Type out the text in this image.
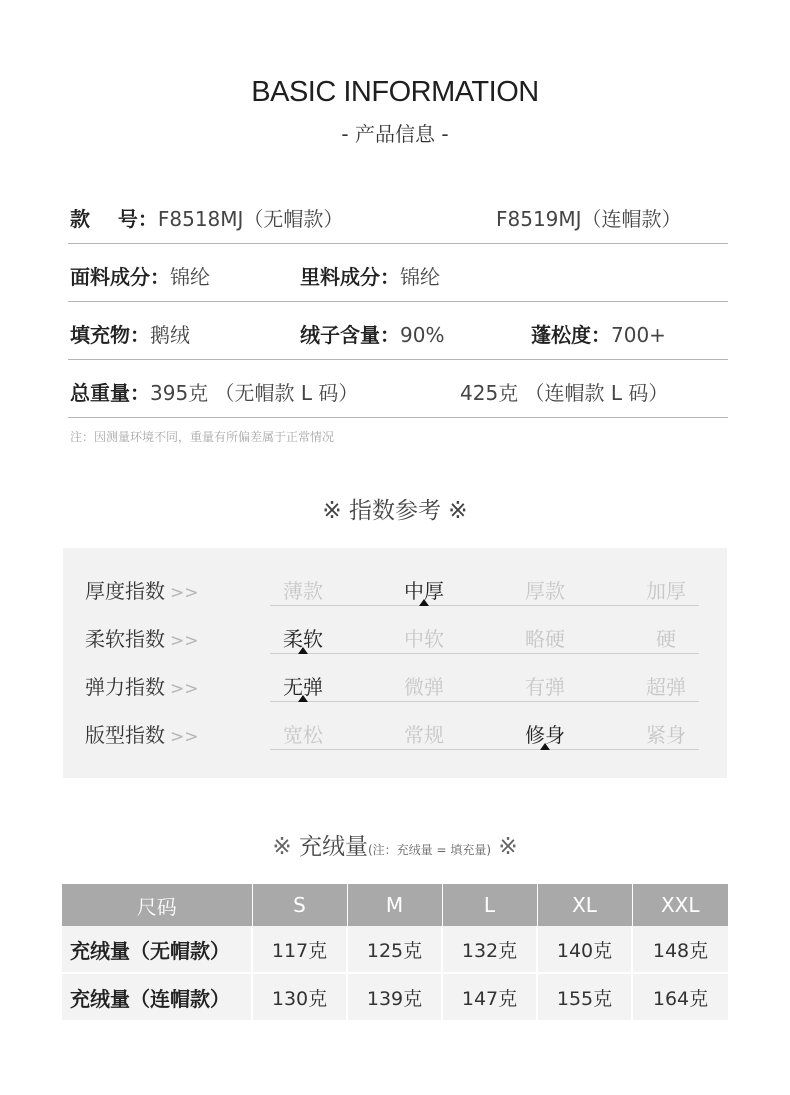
BASIC INFORMATION
- 产品信息 -
款    号：F8518MJ（无帽款）	F8519MJ（连帽款）
面料成分：锦纶	里料成分：锦纶
填充物：鹅绒	绒子含量：90%	蓬松度：700+
总重量：395克 （无帽款 L 码）	425克 （连帽款 L 码）
注：因测量环境不同，重量有所偏差属于正常情况
※ 指数参考 ※
厚度指数 >>	薄款	中厚	厚款	加厚
柔软指数 >>	柔软	中软	略硬	硬
弹力指数 >>	无弹	微弹	有弹	超弹
版型指数 >>	宽松	常规	修身	紧身
※ 充绒量(注：充绒量 = 填充量) ※
尺码	S	M	L	XL	XXL
充绒量（无帽款）	117克	125克	132克	140克	148克
充绒量（连帽款）	130克	139克	147克	155克	164克
